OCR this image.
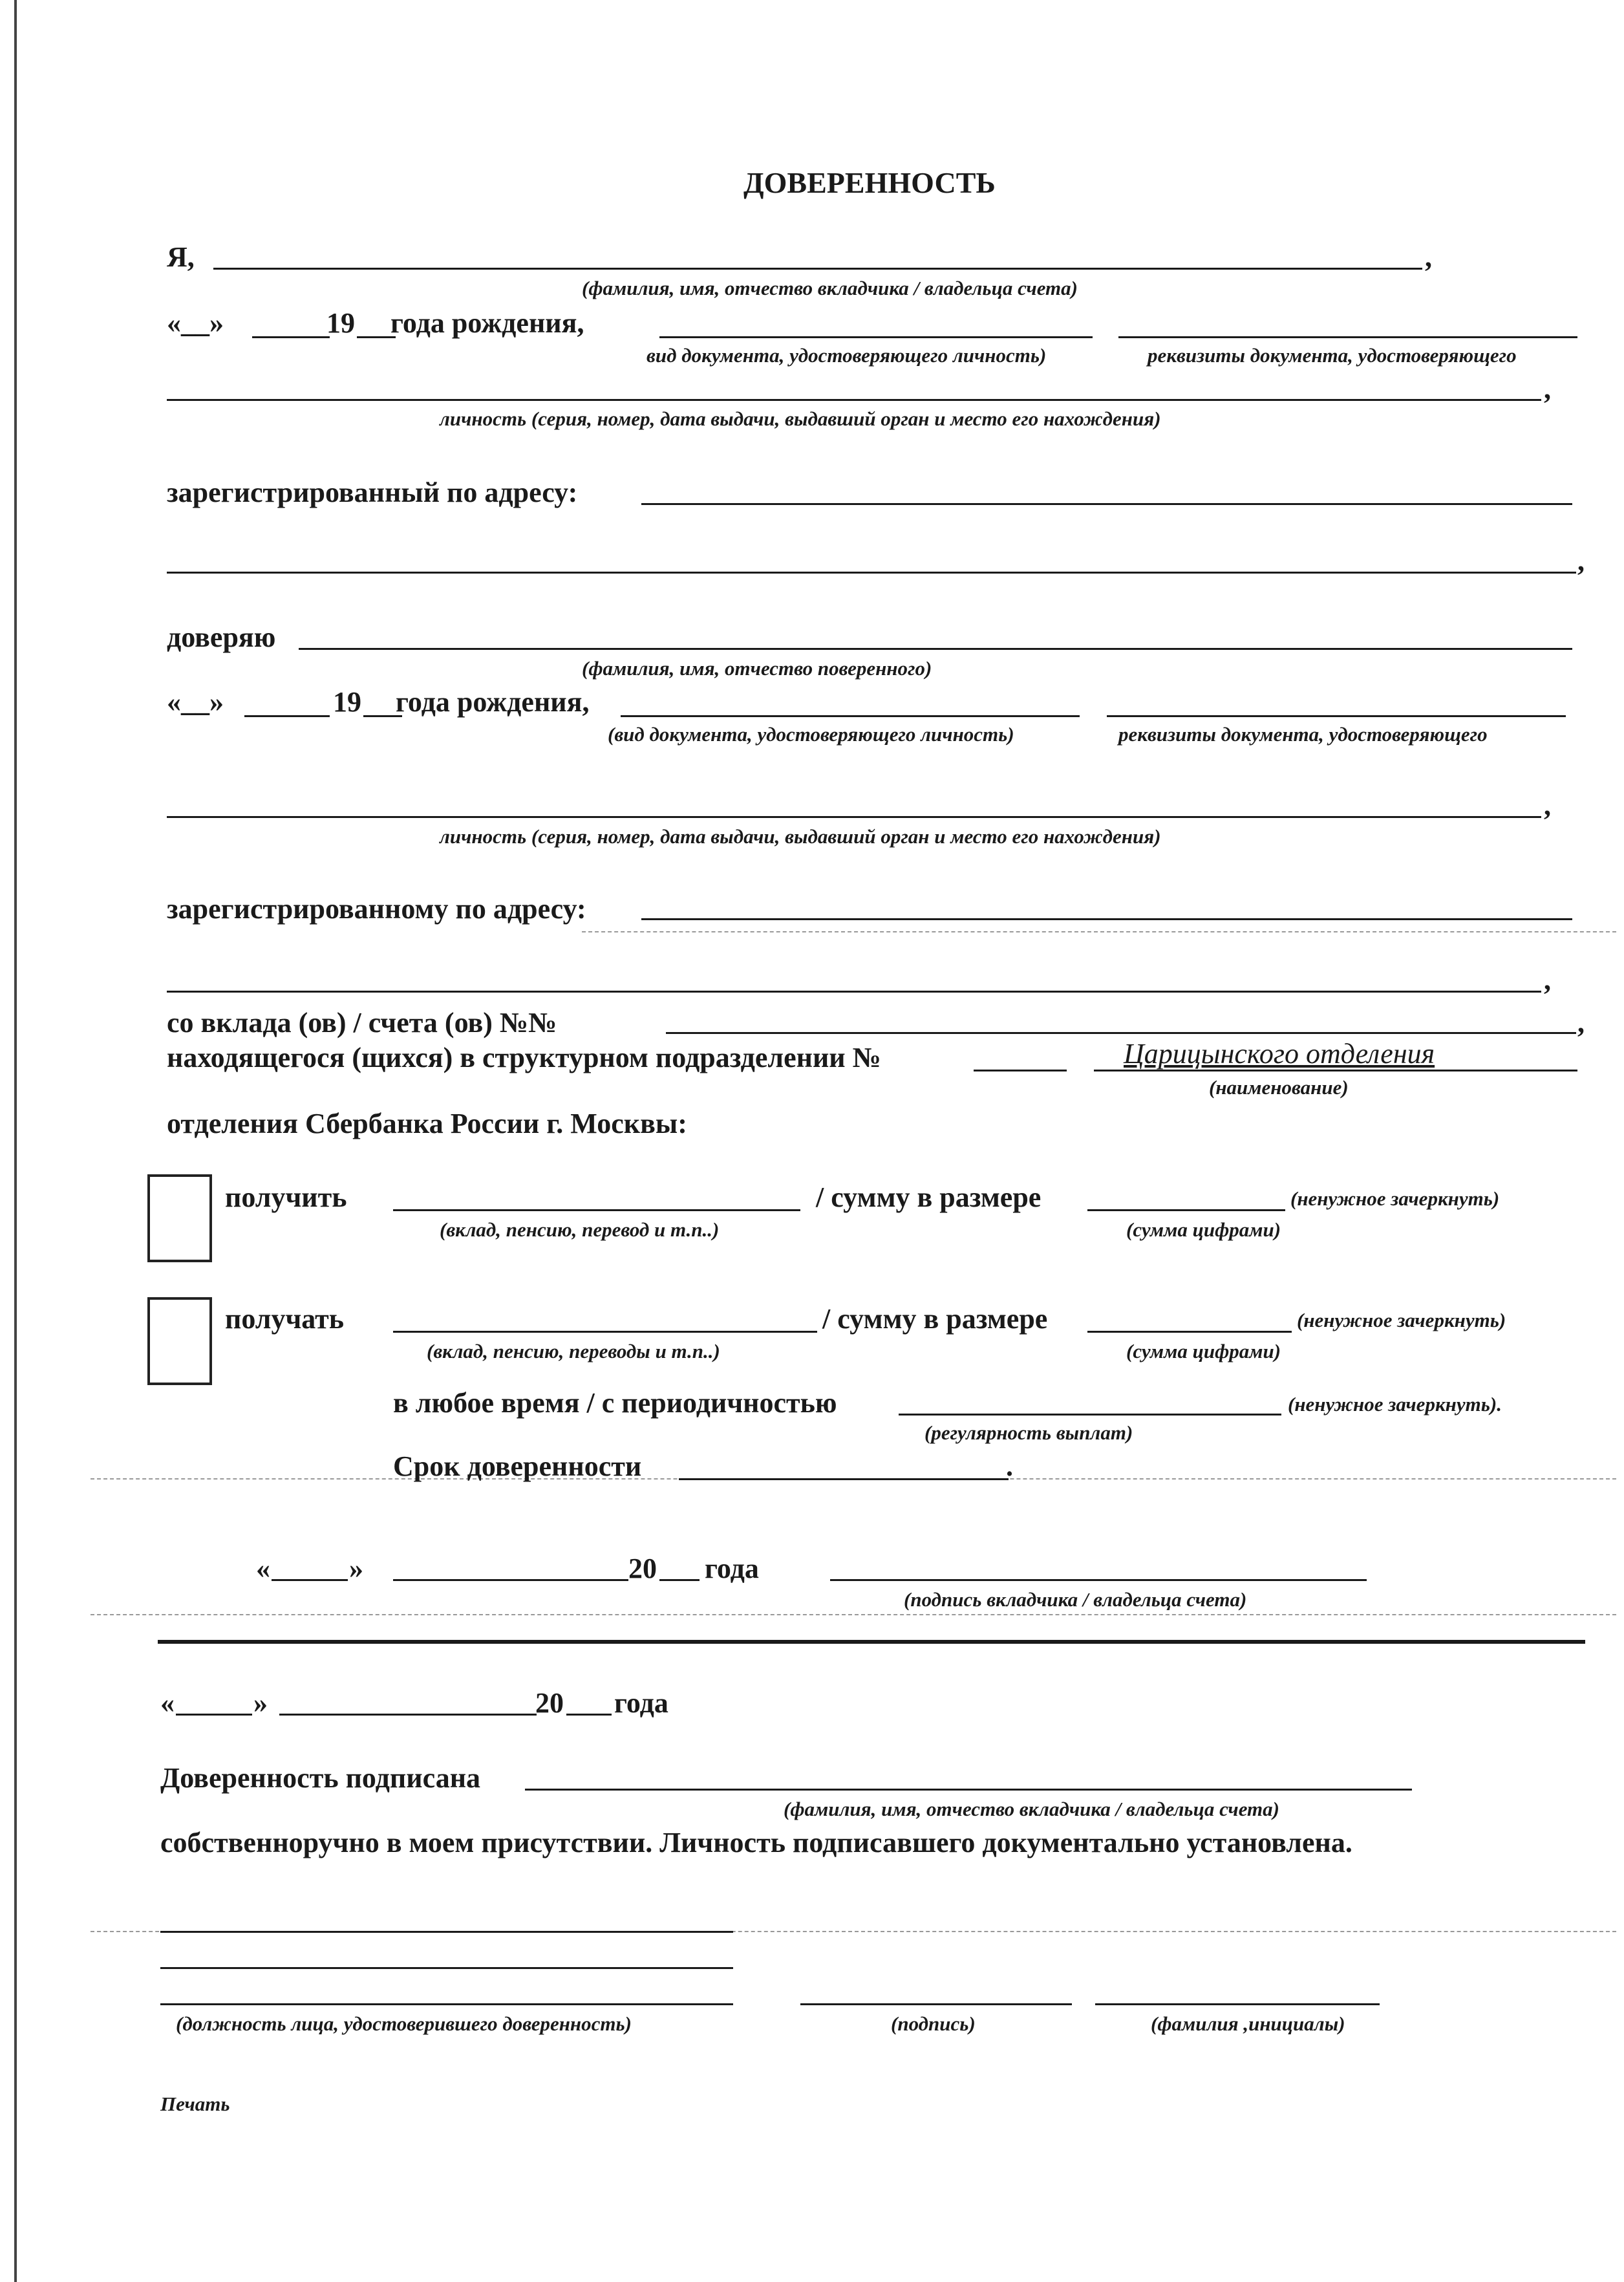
ДОВЕРЕННОСТЬ
Я,	,
(фамилия, имя, отчество вкладчика / владельца счета)
«__»	19 года рождения,
вид документа, удостоверяющего личность)	реквизиты документа, удостоверяющего
,
личность (серия, номер, дата выдачи, выдавший орган и место его нахождения)
зарегистрированный по адресу:
,
доверяю
(фамилия, имя, отчество поверенного)
«__»	19 года рождения,
(вид документа, удостоверяющего личность)	реквизиты документа, удостоверяющего
,
личность (серия, номер, дата выдачи, выдавший орган и место его нахождения)
зарегистрированному по адресу:
,
со вклада (ов) / счета (ов) №№	,
находящегося (щихся) в структурном подразделении №	Царицынского отделения
(наименование)
отделения Сбербанка России г. Москвы:
получить	/ сумму в размере	(ненужное зачеркнуть)
(вклад, пенсию, перевод и т.п..)	(сумма цифрами)
получать	/ сумму в размере	(ненужное зачеркнуть)
(вклад, пенсию, переводы и т.п..)	(сумма цифрами)
в любое время / с периодичностью	(ненужное зачеркнуть).
(регулярность выплат)
Срок доверенности	.
«	»	20 года
(подпись вкладчика / владельца счета)
«	»	20 года
Доверенность подписана
(фамилия, имя, отчество вкладчика / владельца счета)
собственноручно в моем присутствии. Личность подписавшего документально установлена.
(должность лица, удостоверившего доверенность)	(подпись)	(фамилия ,инициалы)
Печать
